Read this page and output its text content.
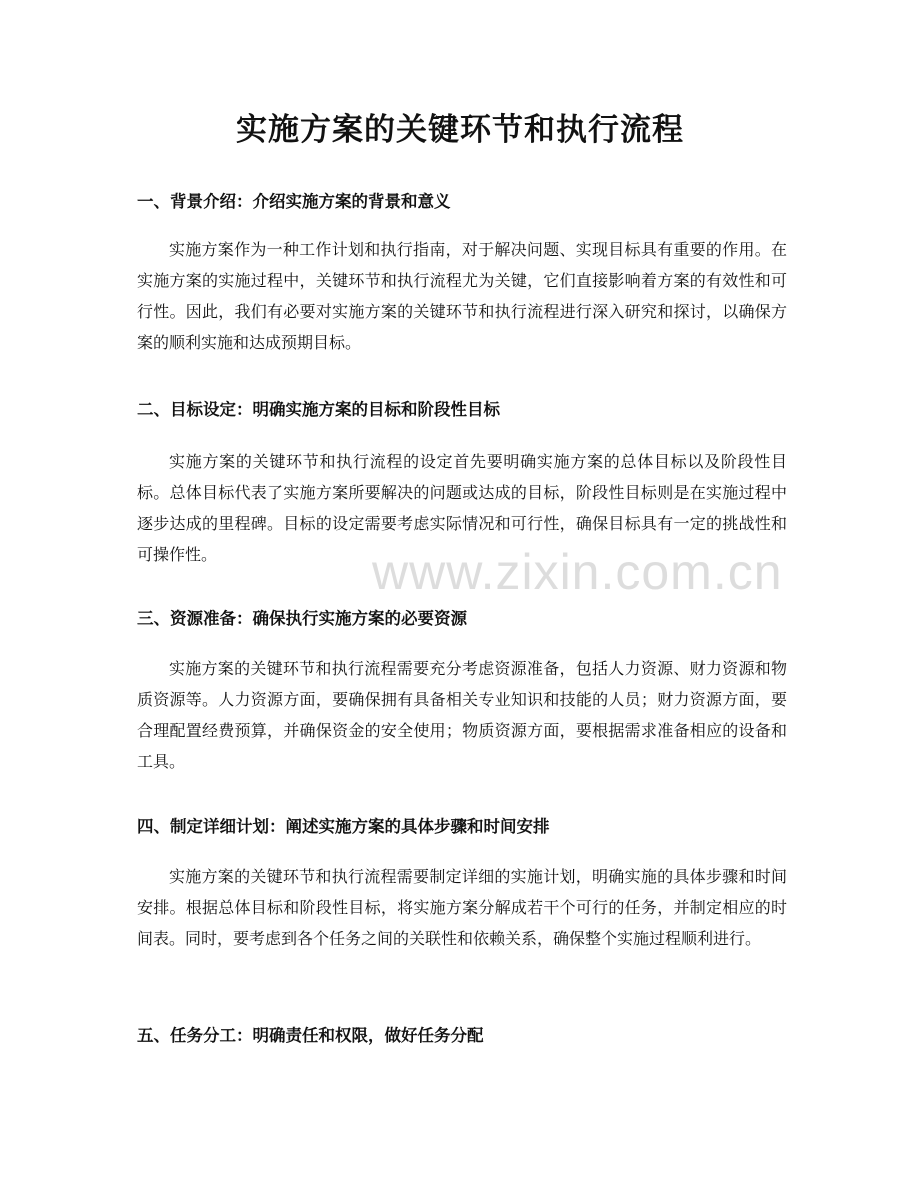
实施方案的关键环节和执行流程
一、背景介绍：介绍实施方案的背景和意义

实施方案作为一种工作计划和执行指南，对于解决问题、实现目标具有重要的作用。在实施方案的实施过程中，关键环节和执行流程尤为关键，它们直接影响着方案的有效性和可行性。因此，我们有必要对实施方案的关键环节和执行流程进行深入研究和探讨，以确保方案的顺利实施和达成预期目标。

二、目标设定：明确实施方案的目标和阶段性目标

实施方案的关键环节和执行流程的设定首先要明确实施方案的总体目标以及阶段性目标。总体目标代表了实施方案所要解决的问题或达成的目标，阶段性目标则是在实施过程中逐步达成的里程碑。目标的设定需要考虑实际情况和可行性，确保目标具有一定的挑战性和可操作性。

三、资源准备：确保执行实施方案的必要资源

实施方案的关键环节和执行流程需要充分考虑资源准备，包括人力资源、财力资源和物质资源等。人力资源方面，要确保拥有具备相关专业知识和技能的人员；财力资源方面，要合理配置经费预算，并确保资金的安全使用；物质资源方面，要根据需求准备相应的设备和工具。

四、制定详细计划：阐述实施方案的具体步骤和时间安排

实施方案的关键环节和执行流程需要制定详细的实施计划，明确实施的具体步骤和时间安排。根据总体目标和阶段性目标，将实施方案分解成若干个可行的任务，并制定相应的时间表。同时，要考虑到各个任务之间的关联性和依赖关系，确保整个实施过程顺利进行。

五、任务分工：明确责任和权限，做好任务分配
www.zixin.com.cn
